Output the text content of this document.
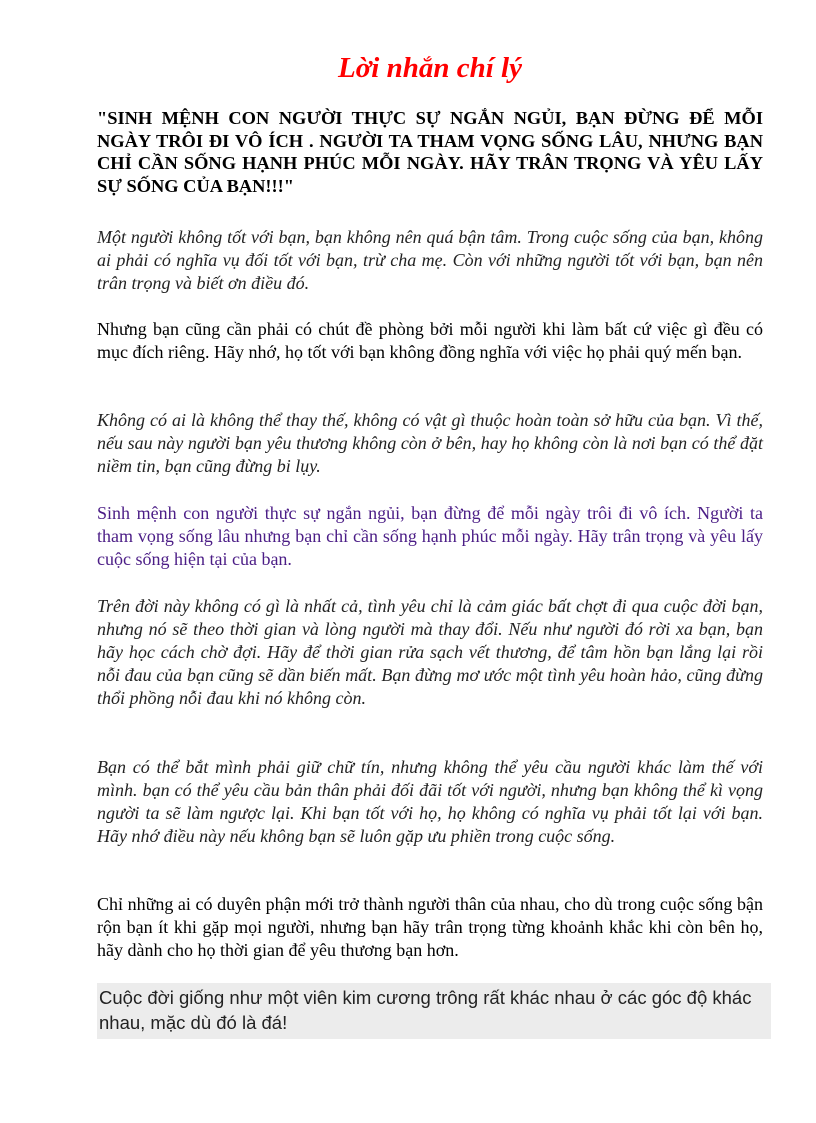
Lời nhắn chí lý

"SINH MỆNH CON NGƯỜI THỰC SỰ NGẮN NGỦI, BẠN ĐỪNG ĐỂ MỖI NGÀY TRÔI ĐI VÔ ÍCH . NGƯỜI TA THAM VỌNG SỐNG LÂU, NHƯNG BẠN CHỈ CẦN SỐNG HẠNH PHÚC MỖI NGÀY. HÃY TRÂN TRỌNG VÀ YÊU LẤY SỰ SỐNG CỦA BẠN!!!"

Một người không tốt với bạn, bạn không nên quá bận tâm. Trong cuộc sống của bạn, không ai phải có nghĩa vụ đối tốt với bạn, trừ cha mẹ. Còn với những người tốt với bạn, bạn nên trân trọng và biết ơn điều đó.

Nhưng bạn cũng cần phải có chút đề phòng bởi mỗi người khi làm bất cứ việc gì đều có mục đích riêng. Hãy nhớ, họ tốt với bạn không đồng nghĩa với việc họ phải quý mến bạn.

Không có ai là không thể thay thế, không có vật gì thuộc hoàn toàn sở hữu của bạn. Vì thế, nếu sau này người bạn yêu thương không còn ở bên, hay họ không còn là nơi bạn có thể đặt niềm tin, bạn cũng đừng bi lụy.

Sinh mệnh con người thực sự ngắn ngủi, bạn đừng để mỗi ngày trôi đi vô ích. Người ta tham vọng sống lâu nhưng bạn chỉ cần sống hạnh phúc mỗi ngày. Hãy trân trọng và yêu lấy cuộc sống hiện tại của bạn.

Trên đời này không có gì là nhất cả, tình yêu chỉ là cảm giác bất chợt đi qua cuộc đời bạn, nhưng nó sẽ theo thời gian và lòng người mà thay đổi. Nếu như người đó rời xa bạn, bạn hãy học cách chờ đợi. Hãy để thời gian rửa sạch vết thương, để tâm hồn bạn lắng lại rồi nỗi đau của bạn cũng sẽ dần biến mất. Bạn đừng mơ ước một tình yêu hoàn hảo, cũng đừng thổi phồng nỗi đau khi nó không còn.

Bạn có thể bắt mình phải giữ chữ tín, nhưng không thể yêu cầu người khác làm thế với mình. bạn có thể yêu cầu bản thân phải đối đãi tốt với người, nhưng bạn không thể kì vọng người ta sẽ làm ngược lại. Khi bạn tốt với họ, họ không có nghĩa vụ phải tốt lại với bạn. Hãy nhớ điều này nếu không bạn sẽ luôn gặp ưu phiền trong cuộc sống.

Chỉ những ai có duyên phận mới trở thành người thân của nhau, cho dù trong cuộc sống bận rộn bạn ít khi gặp mọi người, nhưng bạn hãy trân trọng từng khoảnh khắc khi còn bên họ, hãy dành cho họ thời gian để yêu thương bạn hơn.

Cuộc đời giống như một viên kim cương trông rất khác nhau ở các góc độ khác nhau, mặc dù đó là đá!
